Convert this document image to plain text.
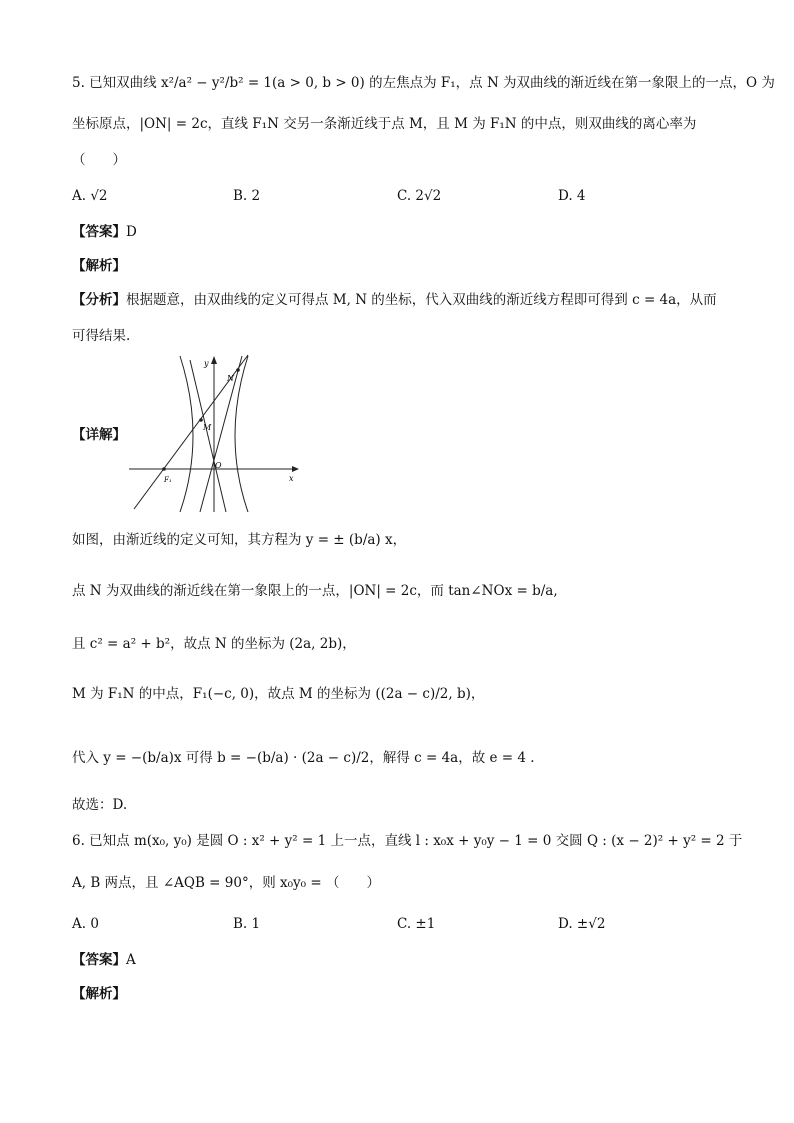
5. 已知双曲线 x²/a² − y²/b² = 1(a > 0, b > 0) 的左焦点为 F₁，点 N 为双曲线的渐近线在第一象限上的一点，O 为
坐标原点，|ON| = 2c，直线 F₁N 交另一条渐近线于点 M，且 M 为 F₁N 的中点，则双曲线的离心率为
（　　）
A. √2	B. 2	C. 2√2	D. 4
【答案】D
【解析】
【分析】根据题意，由双曲线的定义可得点 M, N 的坐标，代入双曲线的渐近线方程即可得到 c = 4a，从而
可得结果.
【详解】
y
x
N
M
O
F₁
如图，由渐近线的定义可知，其方程为 y = ± (b/a) x，
点 N 为双曲线的渐近线在第一象限上的一点，|ON| = 2c，而 tan∠NOx = b/a,
且 c² = a² + b²，故点 N 的坐标为 (2a, 2b)，
M 为 F₁N 的中点，F₁(−c, 0)，故点 M 的坐标为 ((2a − c)/2, b)，
代入 y = −(b/a)x 可得 b = −(b/a) · (2a − c)/2，解得 c = 4a，故 e = 4 .
故选：D.
6. 已知点 m(x₀, y₀) 是圆 O : x² + y² = 1 上一点，直线 l : x₀x + y₀y − 1 = 0 交圆 Q : (x − 2)² + y² = 2 于
A, B 两点，且 ∠AQB = 90°，则 x₀y₀ = （　　）
A. 0	B. 1	C. ±1	D. ±√2
【答案】A
【解析】
